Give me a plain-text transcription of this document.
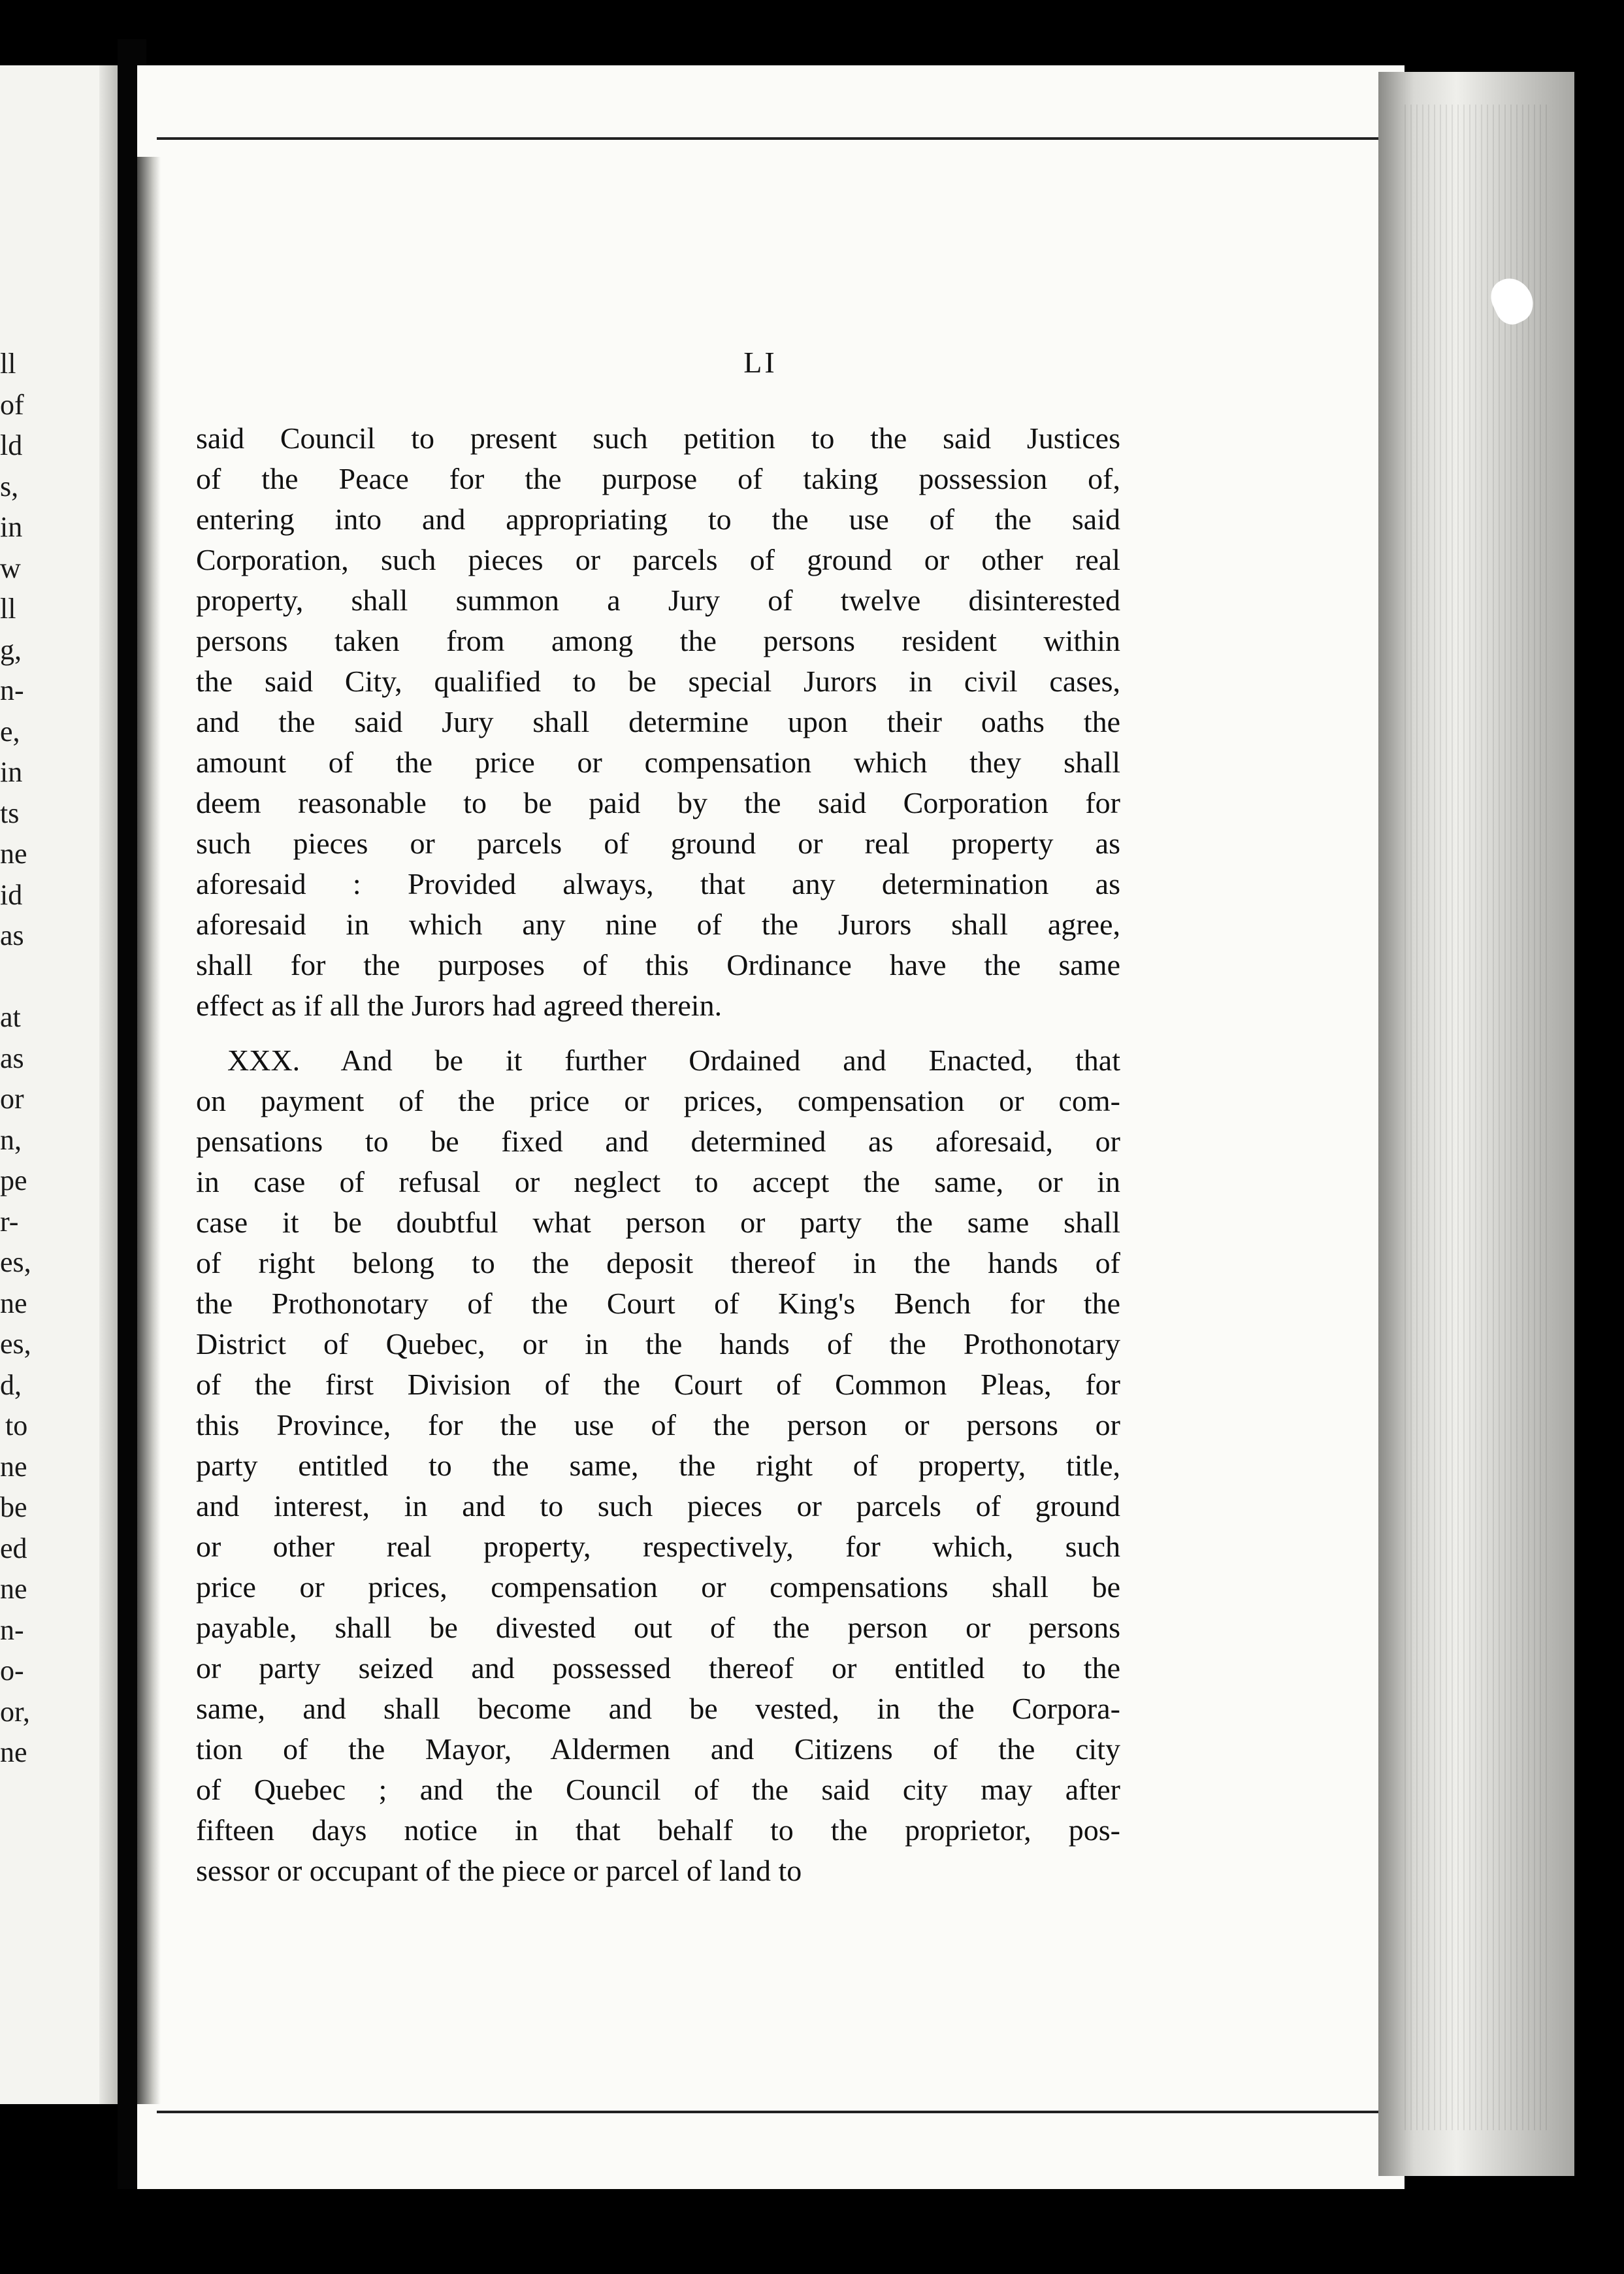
ll
of
ld
s,
in
w
ll
g,
n-
e,
in
ts
ne
id
as
at
as
or
n,
pe
r-
es,
ne
es,
d,
to
ne
be
ed
ne
n-
o-
or,
ne
LI
said Council to present such petition to the said Justices
of the Peace for the purpose of taking possession of,
entering into and appropriating to the use of the said
Corporation, such pieces or parcels of ground or other real
property, shall summon a Jury of twelve disinterested
persons taken from among the persons resident within
the said City, qualified to be special Jurors in civil cases,
and the said Jury shall determine upon their oaths the
amount of the price or compensation which they shall
deem reasonable to be paid by the said Corporation for
such pieces or parcels of ground or real property as
aforesaid : Provided always, that any determination as
aforesaid in which any nine of the Jurors shall agree,
shall for the purposes of this Ordinance have the same
effect as if all the Jurors had agreed therein.
XXX. And be it further Ordained and Enacted, that
on payment of the price or prices, compensation or com-
pensations to be fixed and determined as aforesaid, or
in case of refusal or neglect to accept the same, or in
case it be doubtful what person or party the same shall
of right belong to the deposit thereof in the hands of
the Prothonotary of the Court of King's Bench for the
District of Quebec, or in the hands of the Prothonotary
of the first Division of the Court of Common Pleas, for
this Province, for the use of the person or persons or
party entitled to the same, the right of property, title,
and interest, in and to such pieces or parcels of ground
or other real property, respectively, for which, such
price or prices, compensation or compensations shall be
payable, shall be divested out of the person or persons
or party seized and possessed thereof or entitled to the
same, and shall become and be vested, in the Corpora-
tion of the Mayor, Aldermen and Citizens of the city
of Quebec ; and the Council of the said city may after
fifteen days notice in that behalf to the proprietor, pos-
sessor or occupant of the piece or parcel of land to
